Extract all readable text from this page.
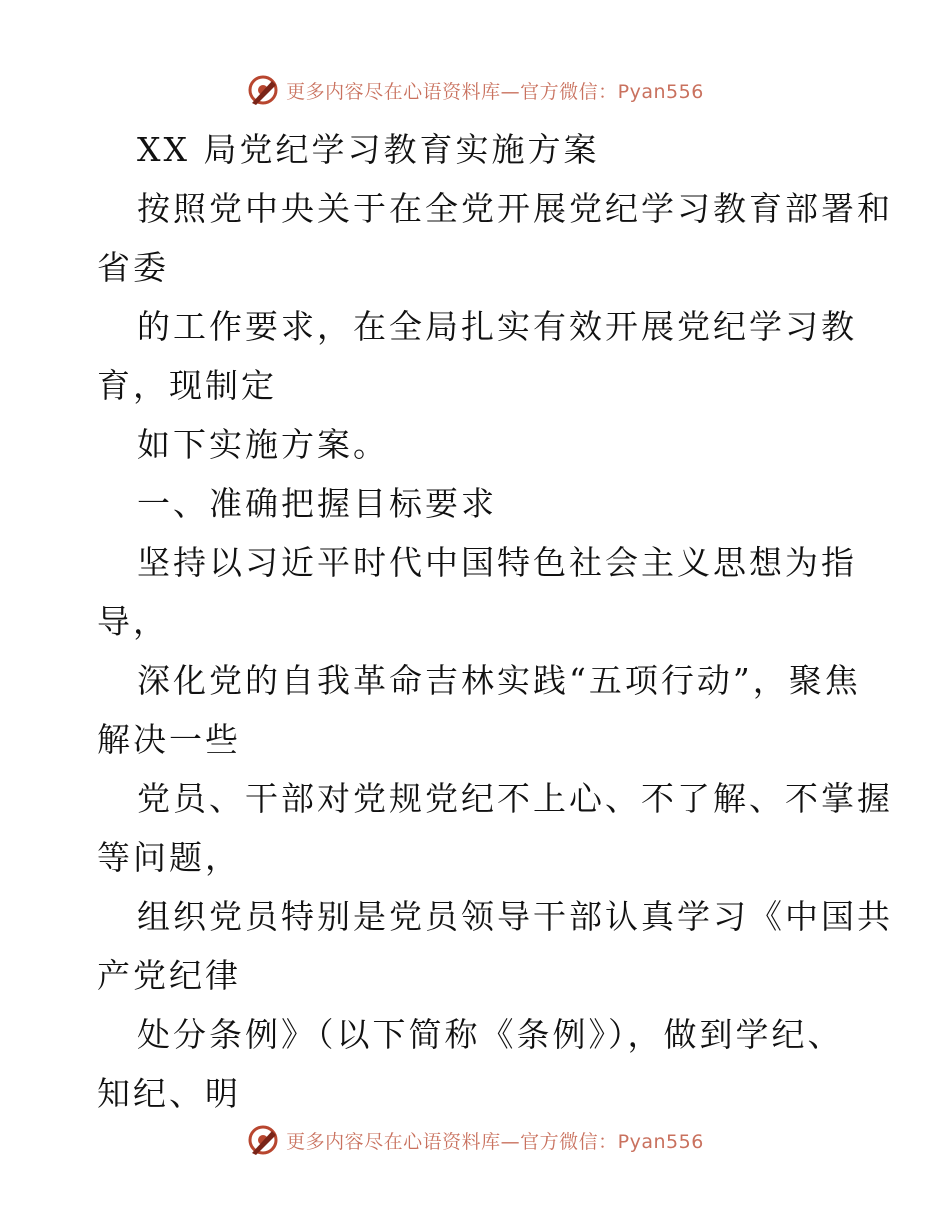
更多内容尽在心语资料库—官方微信：Pyan556
XX 局党纪学习教育实施方案
按照党中央关于在全党开展党纪学习教育部署和
省委
的工作要求，在全局扎实有效开展党纪学习教
育，现制定
如下实施方案。
一、准确把握目标要求
坚持以习近平时代中国特色社会主义思想为指
导，
深化党的自我革命吉林实践“五项行动”，聚焦
解决一些
党员、干部对党规党纪不上心、不了解、不掌握
等问题，
组织党员特别是党员领导干部认真学习《中国共
产党纪律
处分条例》（以下简称《条例》），做到学纪、
知纪、明
更多内容尽在心语资料库—官方微信：Pyan556
